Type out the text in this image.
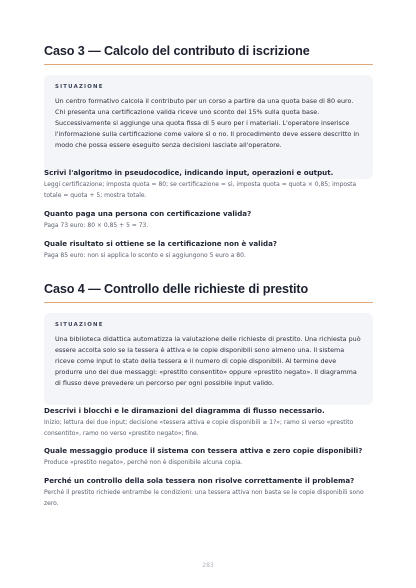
Caso 3 — Calcolo del contributo di iscrizione
SITUAZIONE
Un centro formativo calcola il contributo per un corso a partire da una quota base di 80 euro. Chi presenta una certificazione valida riceve uno sconto del 15% sulla quota base. Successivamente si aggiunge una quota fissa di 5 euro per i materiali. L'operatore inserisce l'informazione sulla certificazione come valore sì o no. Il procedimento deve essere descritto in modo che possa essere eseguito senza decisioni lasciate all'operatore.
Scrivi l'algoritmo in pseudocodice, indicando input, operazioni e output.
Leggi certificazione; imposta quota = 80; se certificazione = sì, imposta quota = quota × 0,85; imposta totale = quota + 5; mostra totale.
Quanto paga una persona con certificazione valida?
Paga 73 euro: 80 × 0,85 + 5 = 73.
Quale risultato si ottiene se la certificazione non è valida?
Paga 85 euro: non si applica lo sconto e si aggiungono 5 euro a 80.
Caso 4 — Controllo delle richieste di prestito
SITUAZIONE
Una biblioteca didattica automatizza la valutazione delle richieste di prestito. Una richiesta può essere accolta solo se la tessera è attiva e le copie disponibili sono almeno una. Il sistema riceve come input lo stato della tessera e il numero di copie disponibili. Al termine deve produrre uno dei due messaggi: «prestito consentito» oppure «prestito negato». Il diagramma di flusso deve prevedere un percorso per ogni possibile input valido.
Descrivi i blocchi e le diramazioni del diagramma di flusso necessario.
Inizio; lettura dei due input; decisione «tessera attiva e copie disponibili ≥ 1?»; ramo sì verso «prestito consentito», ramo no verso «prestito negato»; fine.
Quale messaggio produce il sistema con tessera attiva e zero copie disponibili?
Produce «prestito negato», perché non è disponibile alcuna copia.
Perché un controllo della sola tessera non risolve correttamente il problema?
Perché il prestito richiede entrambe le condizioni: una tessera attiva non basta se le copie disponibili sono zero.
283
